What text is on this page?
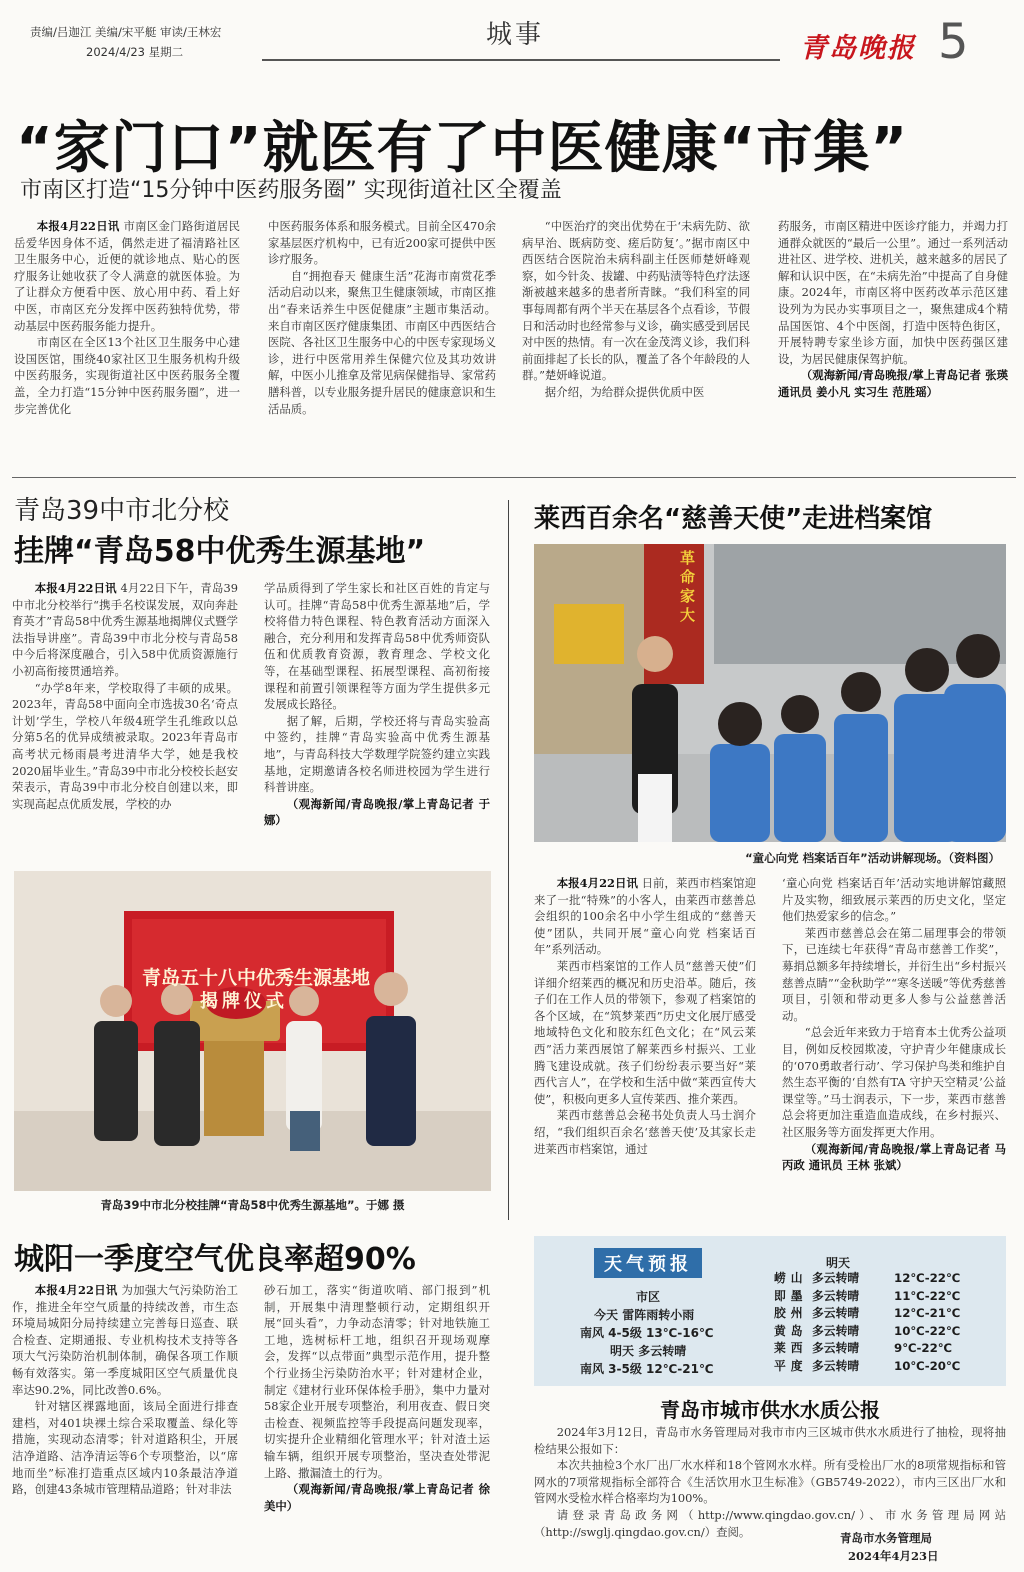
责编/吕迦江 美编/宋平艇 审读/王林宏
2024/4/23 星期二
城事	青岛晚报 5
“家门口”就医有了中医健康“市集”
市南区打造“15分钟中医药服务圈” 实现街道社区全覆盖

本报4月22日讯 市南区金门路街道居民岳爱华因身体不适，偶然走进了福清路社区卫生服务中心，近便的就诊地点、贴心的医疗服务让她收获了令人满意的就医体验。为了让群众方便看中医、放心用中药、看上好中医，市南区充分发挥中医药独特优势，带动基层中医药服务能力提升。

市南区在全区13个社区卫生服务中心建设国医馆，围绕40家社区卫生服务机构升级中医药服务，实现街道社区中医药服务全覆盖，全力打造“15分钟中医药服务圈”，进一步完善优化

中医药服务体系和服务模式。目前全区470余家基层医疗机构中，已有近200家可提供中医诊疗服务。

自“拥抱春天 健康生活”花海市南赏花季活动启动以来，聚焦卫生健康领域，市南区推出“春来话养生中医促健康”主题市集活动。来自市南区医疗健康集团、市南区中西医结合医院、各社区卫生服务中心的中医专家现场义诊，进行中医常用养生保健穴位及其功效讲解，中医小儿推拿及常见病保健指导、家常药膳科普，以专业服务提升居民的健康意识和生活品质。

“中医治疗的突出优势在于‘未病先防、欲病早治、既病防变、瘥后防复’。”据市南区中西医结合医院治未病科副主任医师楚妍峰观察，如今针灸、拔罐、中药贴渍等特色疗法逐渐被越来越多的患者所青睐。“我们科室的同事每周都有两个半天在基层各个点看诊，节假日和活动时也经常参与义诊，确实感受到居民对中医的热情。有一次在金茂湾义诊，我们科前面排起了长长的队，覆盖了各个年龄段的人群。”楚妍峰说道。

据介绍，为给群众提供优质中医

药服务，市南区精进中医诊疗能力，并竭力打通群众就医的“最后一公里”。通过一系列活动进社区、进学校、进机关，越来越多的居民了解和认识中医，在“未病先治”中提高了自身健康。2024年，市南区将中医药改革示范区建设列为为民办实事项目之一，聚焦建成4个精品国医馆、4个中医阁，打造中医特色街区，开展特聘专家坐诊方面，加快中医药强区建设，为居民健康保驾护航。

（观海新闻/青岛晚报/掌上青岛记者 张瑛 通讯员 姜小凡 实习生 范胜瑶）

青岛39中市北分校
挂牌“青岛58中优秀生源基地”

本报4月22日讯 4月22日下午，青岛39中市北分校举行“携手名校谋发展，双向奔赴育英才”青岛58中优秀生源基地揭牌仪式暨学法指导讲座”。青岛39中市北分校与青岛58中今后将深度融合，引入58中优质资源施行小初高衔接贯通培养。

“办学8年来，学校取得了丰硕的成果。2023年，青岛58中面向全市选拔30名‘奇点计划’学生，学校八年级4班学生孔维政以总分第5名的优异成绩被录取。2023年青岛市高考状元杨雨晨考进清华大学，她是我校2020届毕业生。”青岛39中市北分校校长赵安荣表示，青岛39中市北分校自创建以来，即实现高起点优质发展，学校的办

学品质得到了学生家长和社区百姓的肯定与认可。挂牌“青岛58中优秀生源基地”后，学校将借力特色课程、特色教育活动方面深入融合，充分利用和发挥青岛58中优秀师资队伍和优质教育资源，教育理念、学校文化等，在基础型课程、拓展型课程、高初衔接课程和前置引领课程等方面为学生提供多元发展成长路径。

据了解，后期，学校还将与青岛实验高中签约，挂牌“青岛实验高中优秀生源基地”，与青岛科技大学数理学院签约建立实践基地，定期邀请各校名师进校园为学生进行科普讲座。

（观海新闻/青岛晚报/掌上青岛记者 于娜）

青岛五十八中优秀生源基地
揭牌仪式
青岛39中市北分校挂牌“青岛58中优秀生源基地”。于娜 摄
莱西百余名“慈善天使”走进档案馆
革命家大
“童心向党 档案话百年”活动讲解现场。（资料图）

本报4月22日讯 日前，莱西市档案馆迎来了一批“特殊”的小客人，由莱西市慈善总会组织的100余名中小学生组成的“慈善天使”团队，共同开展“童心向党 档案话百年”系列活动。

莱西市档案馆的工作人员“慈善天使”们详细介绍莱西的概况和历史沿革。随后，孩子们在工作人员的带领下，参观了档案馆的各个区域，在“筑梦莱西”历史文化展厅感受地域特色文化和胶东红色文化；在“风云莱西”活力莱西展馆了解莱西乡村振兴、工业腾飞建设成就。孩子们纷纷表示要当好“莱西代言人”，在学校和生活中做“莱西宣传大使”，积极向更多人宣传莱西、推介莱西。

莱西市慈善总会秘书处负责人马士润介绍，“我们组织百余名‘慈善天使’及其家长走进莱西市档案馆，通过

‘童心向党 档案话百年’活动实地讲解馆藏照片及实物，细致展示莱西的历史文化，坚定他们热爱家乡的信念。”

莱西市慈善总会在第二届理事会的带领下，已连续七年获得“青岛市慈善工作奖”，募捐总额多年持续增长，并衍生出“乡村振兴 慈善点睛”“金秋助学”“寒冬送暖”等优秀慈善项目，引领和带动更多人参与公益慈善活动。

“总会近年来致力于培育本土优秀公益项目，例如反校园欺凌，守护青少年健康成长的‘070勇敢者行动’、学习保护鸟类和维护自然生态平衡的‘自然有TA 守护天空精灵’公益课堂等。”马士润表示，下一步，莱西市慈善总会将更加注重造血造成线，在乡村振兴、社区服务等方面发挥更大作用。

（观海新闻/青岛晚报/掌上青岛记者 马丙政 通讯员 王林 张斌）

城阳一季度空气优良率超90%

本报4月22日讯 为加强大气污染防治工作，推进全年空气质量的持续改善，市生态环境局城阳分局持续建立完善每日巡查、联合检查、定期通报、专业机构技术支持等各项大气污染防治机制体制，确保各项工作顺畅有效落实。第一季度城阳区空气质量优良率达90.2%，同比改善0.6%。

针对辖区裸露地面，该局全面进行排查建档，对401块裸土综合采取覆盖、绿化等措施，实现动态清零；针对道路积尘，开展洁净道路、洁净清运等6个专项整治，以“席地而坐”标准打造重点区域内10条最洁净道路，创建43条城市管理精品道路；针对非法

砂石加工，落实“街道吹哨、部门报到”机制，开展集中清理整顿行动，定期组织开展“回头看”，力争动态清零；针对地铁施工工地，选树标杆工地，组织召开现场观摩会，发挥“以点带面”典型示范作用，提升整个行业扬尘污染防治水平；针对建材企业，制定《建材行业环保体检手册》，集中力量对58家企业开展专项整治，利用夜查、假日突击检查、视频监控等手段提高问题发现率，切实提升企业精细化管理水平；针对渣土运输车辆，组织开展专项整治，坚决查处带泥上路、撒漏渣土的行为。

（观海新闻/青岛晚报/掌上青岛记者 徐美中）

天气预报
市区
今天 雷阵雨转小雨
南风 4-5级 13℃-16℃
明天 多云转晴
南风 3-5级 12℃-21℃
明天
崂山 多云转晴	12℃-22℃
即墨 多云转晴	11℃-22℃
胶州 多云转晴	12℃-21℃
黄岛 多云转晴	10℃-22℃
莱西 多云转晴	9℃-22℃
平度 多云转晴	10℃-20℃
青岛市城市供水水质公报

2024年3月12日，青岛市水务管理局对我市市内三区城市供水水质进行了抽检，现将抽检结果公报如下：

本次共抽检3个水厂出厂水水样和18个管网水水样。所有受检出厂水的8项常规指标和管网水的7项常规指标全部符合《生活饮用水卫生标准》（GB5749-2022），市内三区出厂水和管网水受检水样合格率均为100%。

请登录青岛政务网（http://www.qingdao.gov.cn/）、市水务管理局网站（http://swglj.qingdao.gov.cn/）查阅。	青岛市水务管理局
2024年4月23日
